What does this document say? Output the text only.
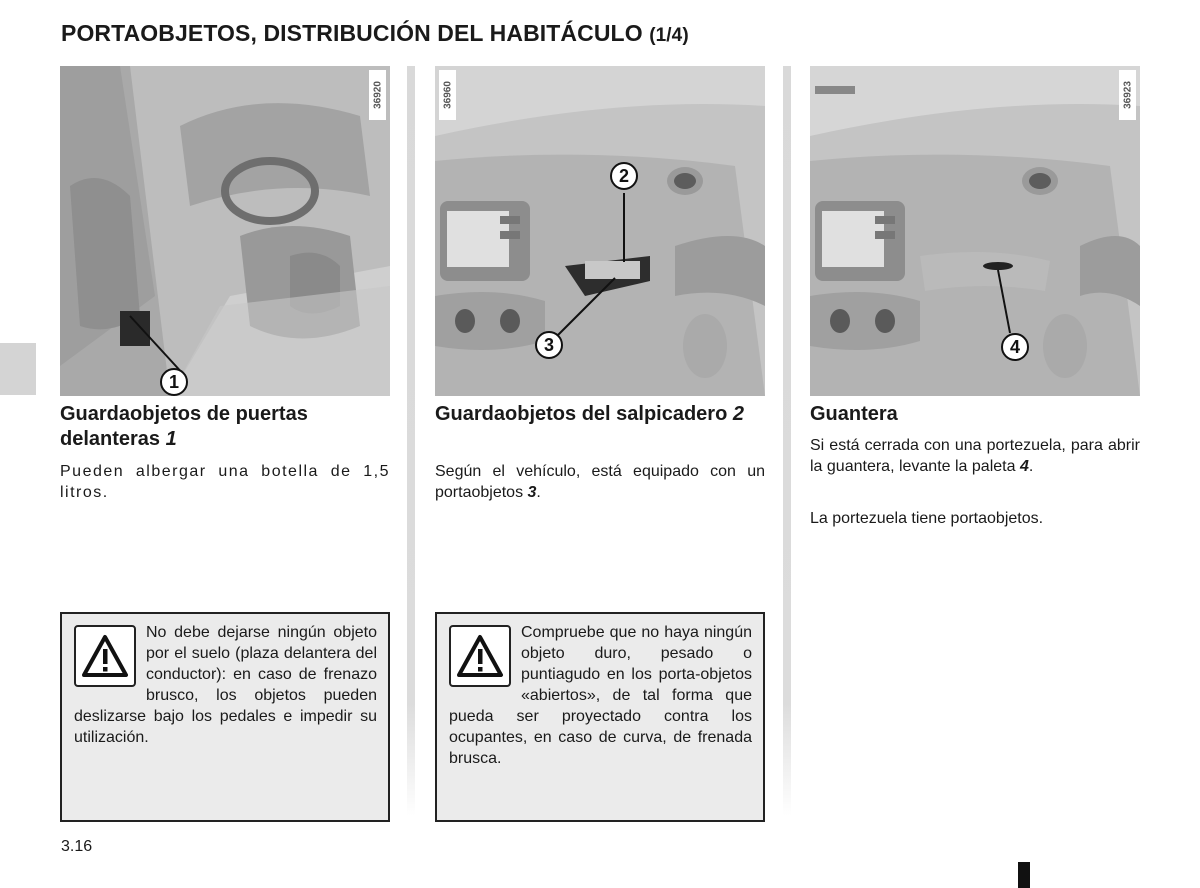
PORTAOBJETOS, DISTRIBUCIÓN DEL HABITÁCULO (1/4)
36920
1
Guardaobjetos de puertas delanteras 1
Pueden albergar una botella de 1,5 litros.
No debe dejarse ningún objeto por el suelo (plaza delantera del conductor): en caso de frenazo brusco, los objetos pueden deslizarse bajo los pedales e impedir su utilización.
36960
2
3
Guardaobjetos del salpicadero 2
Según el vehículo, está equipado con un portaobjetos 3.
Compruebe que no haya ningún objeto duro, pesado o puntiagudo en los porta-objetos «abiertos», de tal forma que pueda ser proyectado contra los ocupantes, en caso de curva, de frenada brusca.
36923
4
Guantera
Si está cerrada con una portezuela, para abrir la guantera, levante la paleta 4.
La portezuela tiene portaobjetos.
3.16
